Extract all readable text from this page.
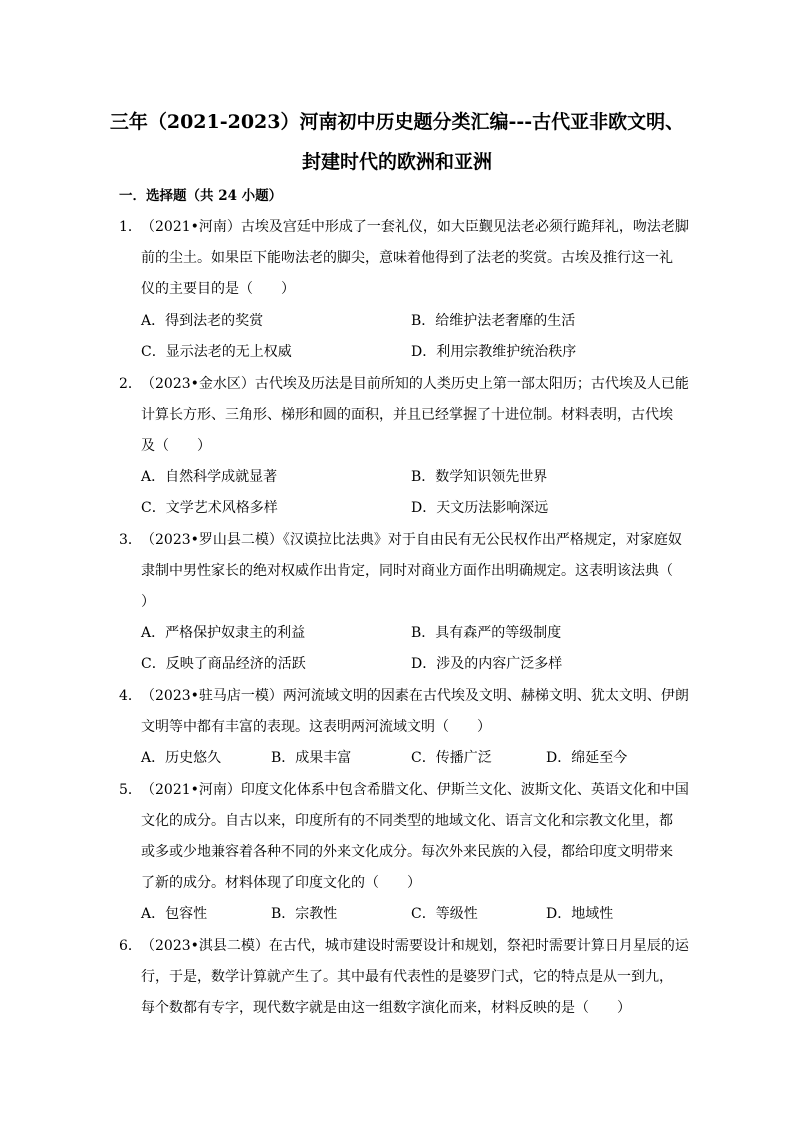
三年（2021-2023）河南初中历史题分类汇编---古代亚非欧文明、
封建时代的欧洲和亚洲
一．选择题（共 24 小题）
1．（2021•河南）古埃及宫廷中形成了一套礼仪，如大臣觐见法老必须行跪拜礼，吻法老脚
前的尘土。如果臣下能吻法老的脚尖，意味着他得到了法老的奖赏。古埃及推行这一礼
仪的主要目的是（　　）
A．得到法老的奖赏	B．给维护法老奢靡的生活
C．显示法老的无上权威	D．利用宗教维护统治秩序
2．（2023•金水区）古代埃及历法是目前所知的人类历史上第一部太阳历；古代埃及人已能
计算长方形、三角形、梯形和圆的面积，并且已经掌握了十进位制。材料表明，古代埃
及（　　）
A．自然科学成就显著	B．数学知识领先世界
C．文学艺术风格多样	D．天文历法影响深远
3．（2023•罗山县二模）《汉谟拉比法典》对于自由民有无公民权作出严格规定，对家庭奴
隶制中男性家长的绝对权威作出肯定，同时对商业方面作出明确规定。这表明该法典（
）
A．严格保护奴隶主的利益	B．具有森严的等级制度
C．反映了商品经济的活跃	D．涉及的内容广泛多样
4．（2023•驻马店一模）两河流域文明的因素在古代埃及文明、赫梯文明、犹太文明、伊朗
文明等中都有丰富的表现。这表明两河流域文明（　　）
A．历史悠久	B．成果丰富	C．传播广泛	D．绵延至今
5．（2021•河南）印度文化体系中包含希腊文化、伊斯兰文化、波斯文化、英语文化和中国
文化的成分。自古以来，印度所有的不同类型的地域文化、语言文化和宗教文化里，都
或多或少地兼容着各种不同的外来文化成分。每次外来民族的入侵，都给印度文明带来
了新的成分。材料体现了印度文化的（　　）
A．包容性	B．宗教性	C．等级性	D．地域性
6．（2023•淇县二模）在古代，城市建设时需要设计和规划，祭祀时需要计算日月星辰的运
行，于是，数学计算就产生了。其中最有代表性的是婆罗门式，它的特点是从一到九，
每个数都有专字，现代数字就是由这一组数字演化而来，材料反映的是（　　）
